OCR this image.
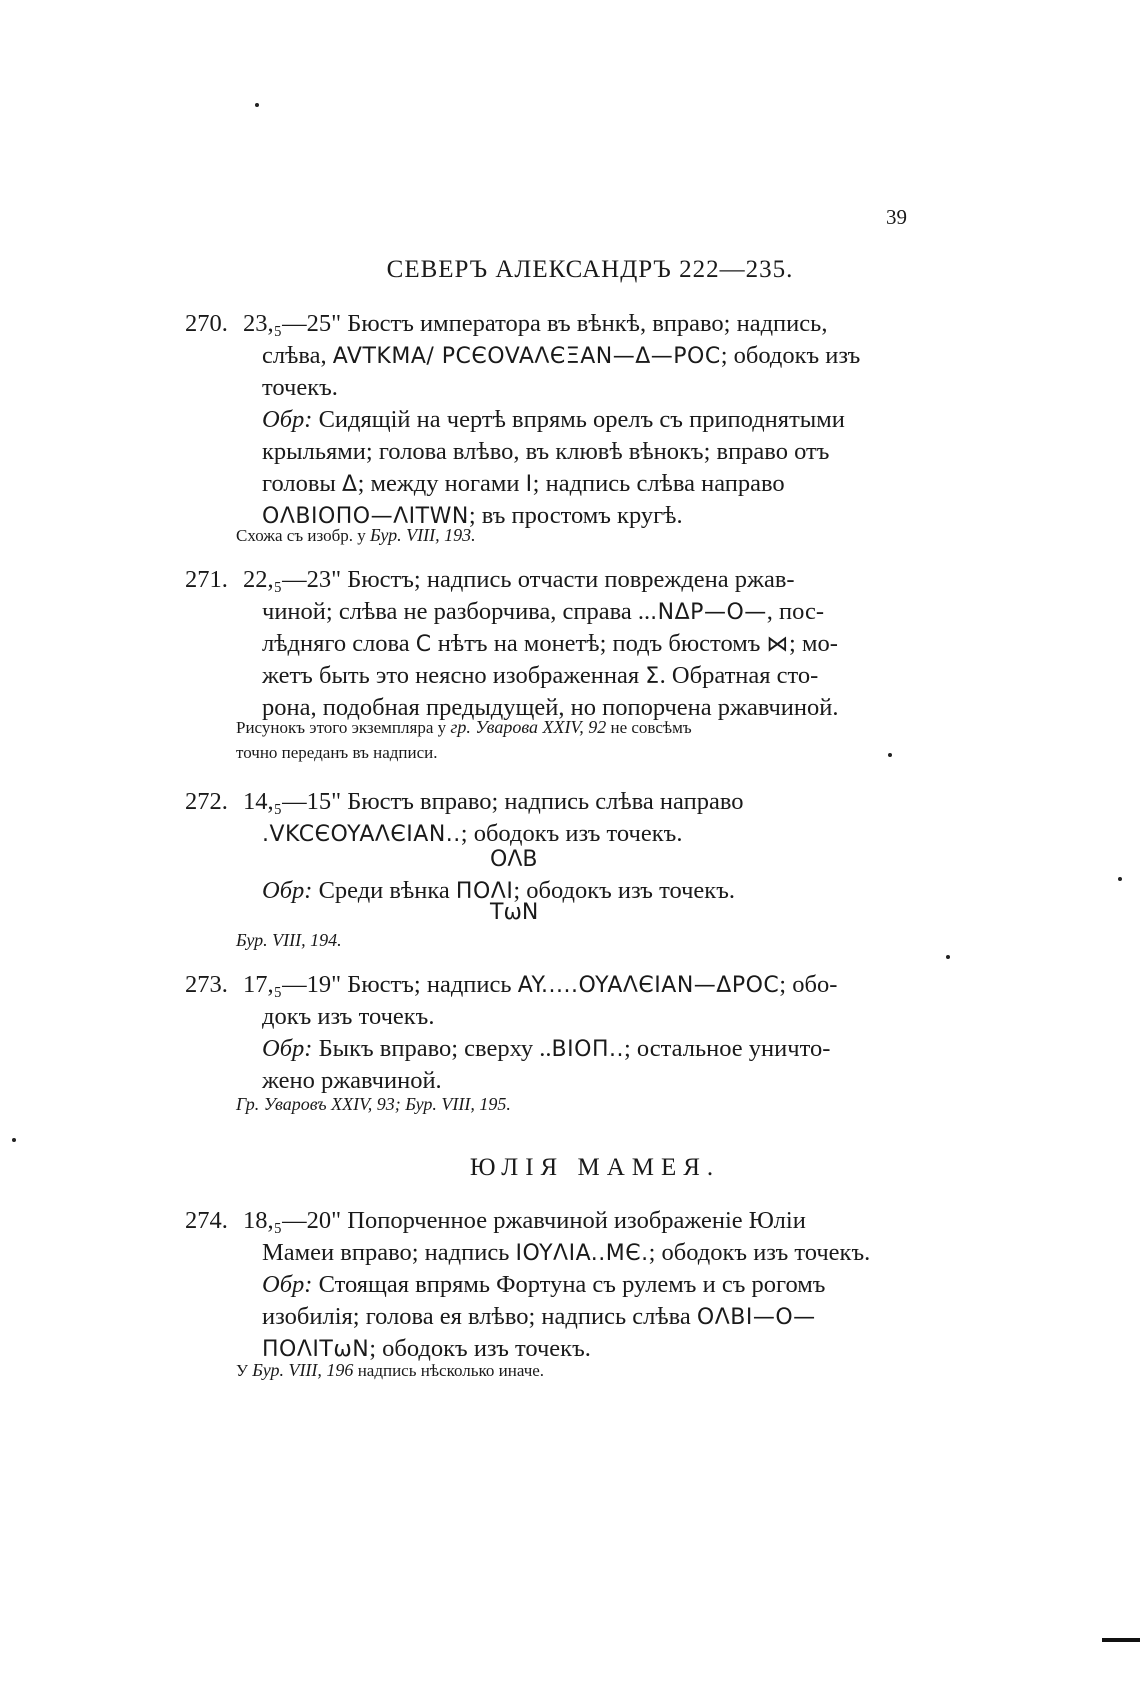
39
СЕВЕРЪ АЛЕКСАНДРЪ 222—235.
270. 23,₅—25" Бюстъ императора въ вѣнкѣ, вправо; надпись,
слѣва, AVTKMA/ PCЄOVAΛЄΞAN—Δ—POC; ободокъ изъ
точекъ.
Обр: Сидящій на чертѣ впрямь орелъ съ приподнятыми
крыльями; голова влѣво, въ клювѣ вѣнокъ; вправо отъ
головы Δ; между ногами I; надпись слѣва направо
OΛBIOΠO—ΛITWN; въ простомъ кругѣ.
Схожа съ изобр. у Бур. VIII, 193.
271. 22,₅—23" Бюстъ; надпись отчасти повреждена ржав-
чиной; слѣва не разборчива, справа ...NΔP—O—, пос-
лѣдняго слова C нѣтъ на монетѣ; подъ бюстомъ ⋈; мо-
жетъ быть это неясно изображенная Σ. Обратная сто-
рона, подобная предыдущей, но попорчена ржавчиной.
Рисунокъ этого экземпляра у гр. Уварова XXIV, 92 не совсѣмъ
точно переданъ въ надписи.
272. 14,₅—15" Бюстъ вправо; надпись слѣва направо
.VKCЄOYAΛЄIAN..; ободокъ изъ точекъ.
OΛB
Обр: Среди вѣнка ΠOΛI; ободокъ изъ точекъ.
TωN
Бур. VIII, 194.
273. 17,₅—19" Бюстъ; надпись AY.....OYAΛЄIAN—ΔPOC; обо-
докъ изъ точекъ.
Обр: Быкъ вправо; сверху ..BIOΠ..; остальное уничто-
жено ржавчиной.
Гр. Уваровъ XXIV, 93; Бур. VIII, 195.
ЮЛІЯ МАМЕЯ.
274. 18,₅—20" Попорченное ржавчиной изображеніе Юліи
Мамеи вправо; надпись IOYΛIA..MЄ.; ободокъ изъ точекъ.
Обр: Стоящая впрямь Фортуна съ рулемъ и съ рогомъ
изобилія; голова ея влѣво; надпись слѣва OΛBI—O—
ΠOΛITωN; ободокъ изъ точекъ.
У Бур. VIII, 196 надпись нѣсколько иначе.
